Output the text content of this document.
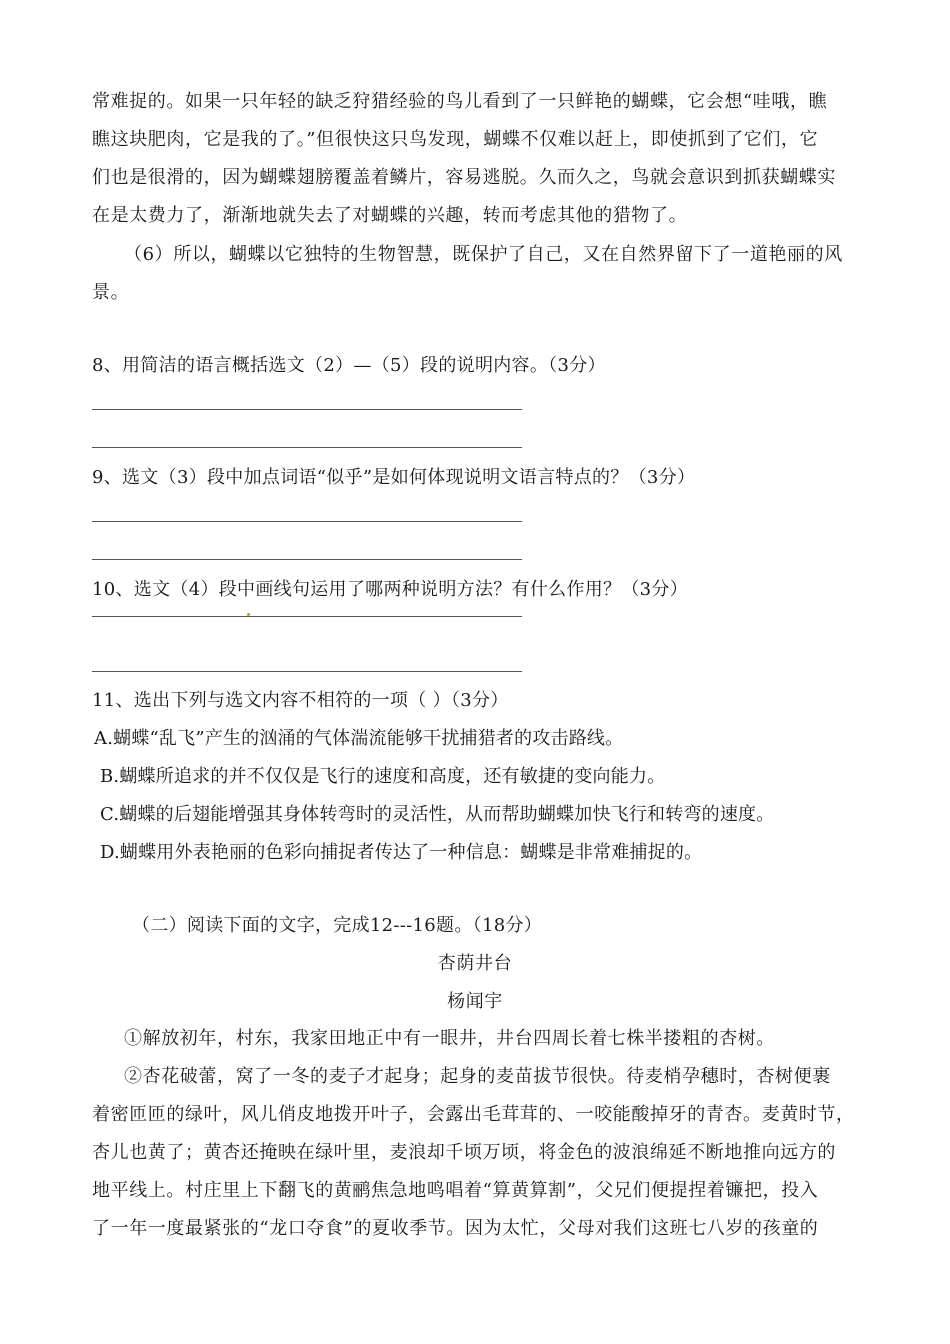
常难捉的。如果一只年轻的缺乏狩猎经验的鸟儿看到了一只鲜艳的蝴蝶，它会想“哇哦，瞧
瞧这块肥肉，它是我的了。”但很快这只鸟发现，蝴蝶不仅难以赶上，即使抓到了它们，它
们也是很滑的，因为蝴蝶翅膀覆盖着鳞片，容易逃脱。久而久之，鸟就会意识到抓获蝴蝶实
在是太费力了，渐渐地就失去了对蝴蝶的兴趣，转而考虑其他的猎物了。
（6）所以，蝴蝶以它独特的生物智慧，既保护了自己，又在自然界留下了一道艳丽的风
景。
8、用简洁的语言概括选文（2）—（5）段的说明内容。（3分）
9、选文（3）段中加点词语“似乎”是如何体现说明文语言特点的？（3分）
10、选文（4）段中画线句运用了哪两种说明方法？有什么作用？（3分）
11、选出下列与选文内容不相符的一项（ ）（3分）
A.蝴蝶“乱飞”产生的汹涌的气体湍流能够干扰捕猎者的攻击路线。
B.蝴蝶所追求的并不仅仅是飞行的速度和高度，还有敏捷的变向能力。
C.蝴蝶的后翅能增强其身体转弯时的灵活性，从而帮助蝴蝶加快飞行和转弯的速度。
D.蝴蝶用外表艳丽的色彩向捕捉者传达了一种信息：蝴蝶是非常难捕捉的。
（二）阅读下面的文字，完成12---16题。（18分）
杏荫井台
杨闻宇
①解放初年，村东，我家田地正中有一眼井，井台四周长着七株半搂粗的杏树。
②杏花破蕾，窝了一冬的麦子才起身；起身的麦苗拔节很快。待麦梢孕穗时，杏树便裹
着密匝匝的绿叶，风儿俏皮地拨开叶子，会露出毛茸茸的、一咬能酸掉牙的青杏。麦黄时节，
杏儿也黄了；黄杏还掩映在绿叶里，麦浪却千顷万顷，将金色的波浪绵延不断地推向远方的
地平线上。村庄里上下翻飞的黄鹂焦急地鸣唱着“算黄算割”，父兄们便提捏着镰把，投入
了一年一度最紧张的“龙口夺食”的夏收季节。因为太忙，父母对我们这班七八岁的孩童的
